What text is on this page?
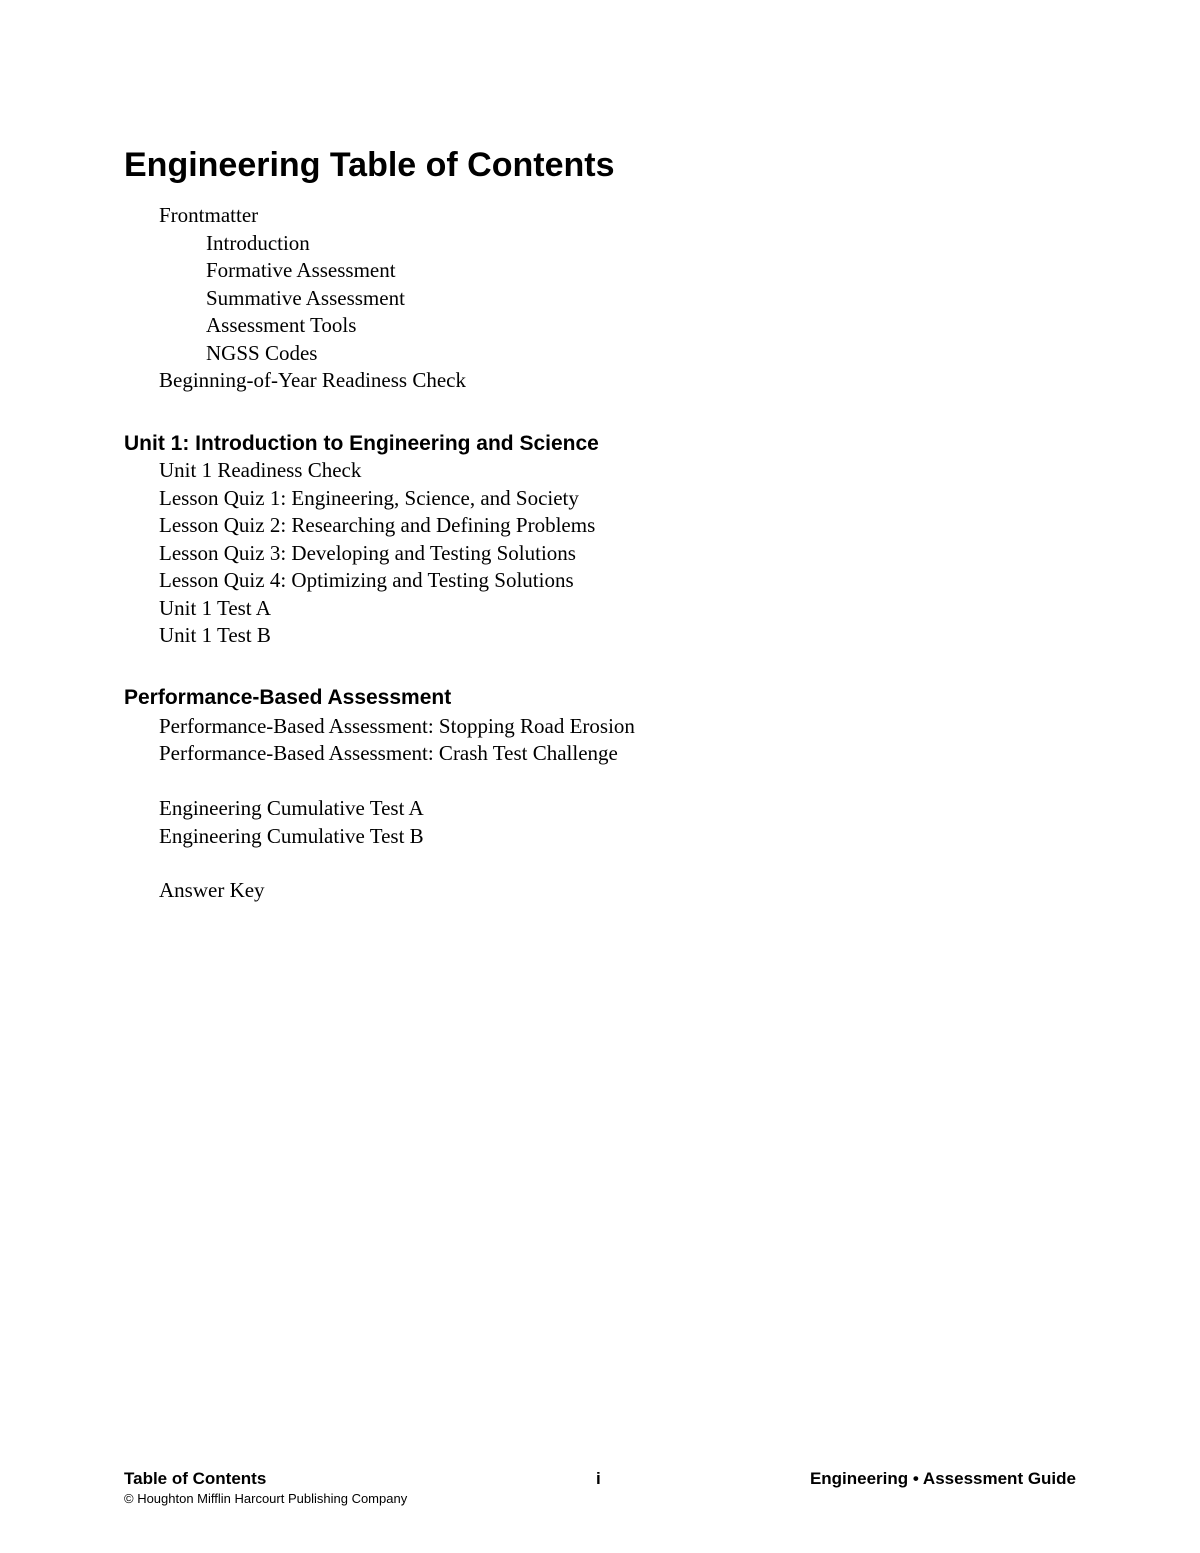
Engineering Table of Contents
Frontmatter
Introduction
Formative Assessment
Summative Assessment
Assessment Tools
NGSS Codes
Beginning-of-Year Readiness Check
Unit 1: Introduction to Engineering and Science
Unit 1 Readiness Check
Lesson Quiz 1: Engineering, Science, and Society
Lesson Quiz 2: Researching and Defining Problems
Lesson Quiz 3: Developing and Testing Solutions
Lesson Quiz 4: Optimizing and Testing Solutions
Unit 1 Test A
Unit 1 Test B
Performance-Based Assessment
Performance-Based Assessment: Stopping Road Erosion
Performance-Based Assessment: Crash Test Challenge
Engineering Cumulative Test A
Engineering Cumulative Test B
Answer Key
Table of Contents	i	Engineering • Assessment Guide
© Houghton Mifflin Harcourt Publishing Company
